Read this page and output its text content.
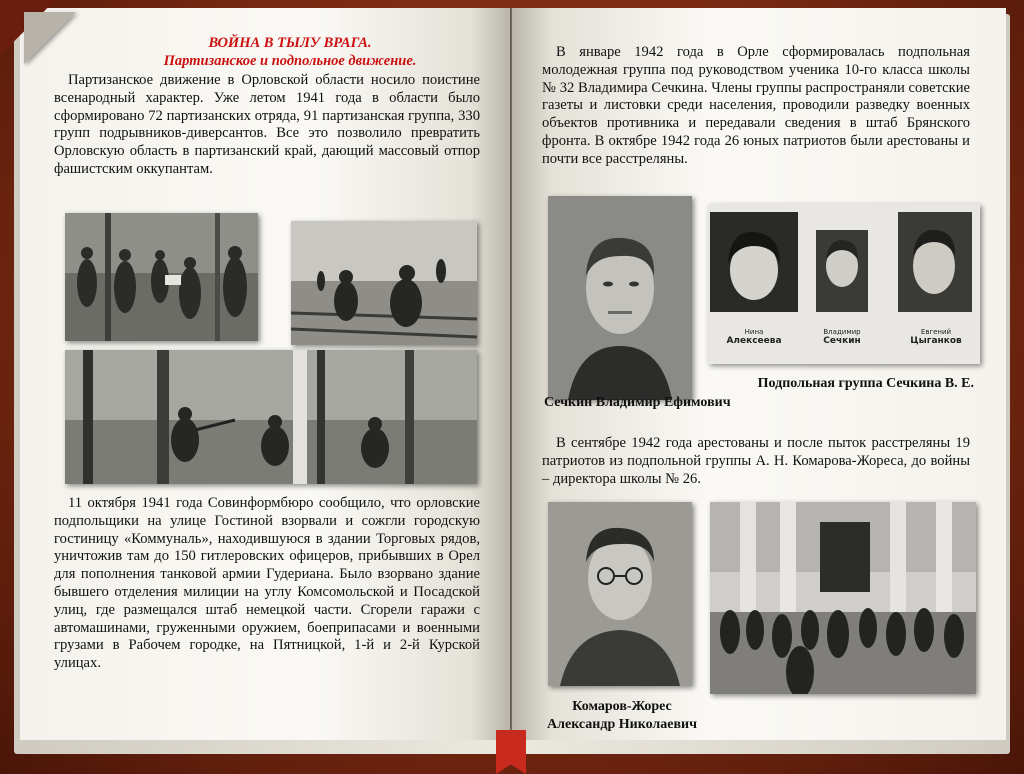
ВОЙНА В ТЫЛУ ВРАГА.

Партизанское и подпольное движение.

Партизанское движение в Орловской области носило поистине всенародный характер. Уже летом 1941 года в области было сформировано 72 партизанских отряда, 91 партизанская группа, 330 групп подрывников-диверсантов. Все это позволило превратить Орловскую область в партизанский край, дающий массовый отпор фашистским оккупантам.

11 октября 1941 года Совинформбюро сообщило, что орловские подпольщики на улице Гостиной взорвали и сожгли городскую гостиницу «Коммуналь», находившуюся в здании Торговых рядов, уничтожив там до 150 гитлеровских офицеров, прибывших в Орел для пополнения танковой армии Гудериана. Было взорвано здание бывшего отделения милиции на углу Комсомольской и Посадской улиц, где размещался штаб немецкой части. Сгорели гаражи с автомашинами, груженными оружием, боеприпасами и военными грузами в Рабочем городке, на Пятницкой, 1-й и 2-й Курской улицах.

В январе 1942 года в Орле сформировалась подпольная молодежная группа под руководством ученика 10-го класса школы № 32 Владимира Сечкина. Члены группы распространяли советские газеты и листовки среди населения, проводили разведку военных объектов противника и передавали сведения в штаб Брянского фронта. В октябре 1942 года 26 юных патриотов были арестованы и почти все расстреляны.

Нина
Алексеева
Владимир
Сечкин
Евгений
Цыганков

Подпольная группа Сечкина В. Е.

Сечкин Владимир Ефимович

В сентябре 1942 года арестованы и после пыток расстреляны 19 патриотов из подпольной группы А. Н. Комарова-Жореса, до войны – директора школы № 26.

Комаров-Жорес

Александр Николаевич
